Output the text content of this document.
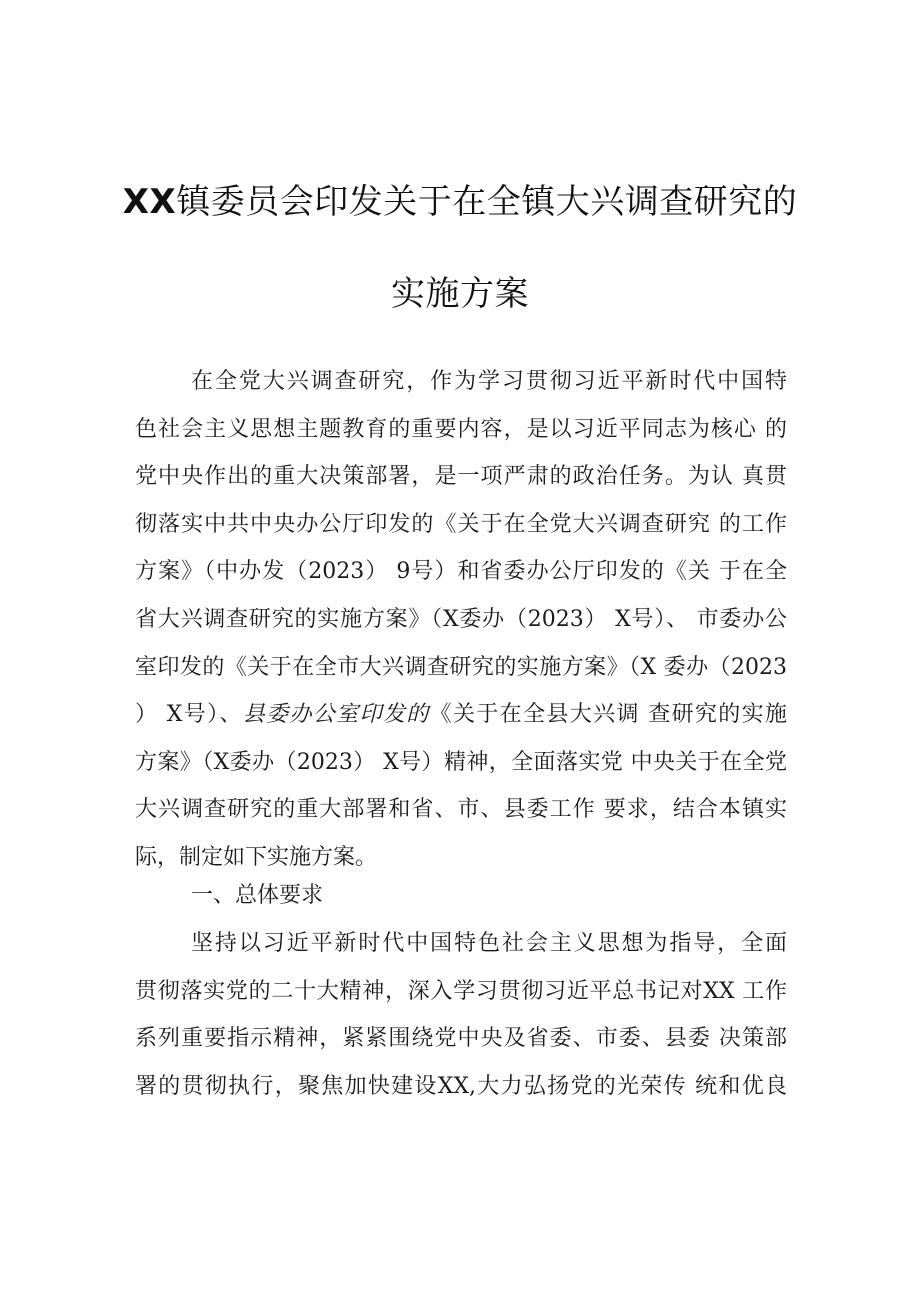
XX镇委员会印发关于在全镇大兴调查研究的
实施方案
在全党大兴调查研究，作为学习贯彻习近平新时代中国特
色社会主义思想主题教育的重要内容，是以习近平同志为核心 的
党中央作出的重大决策部署，是一项严肃的政治任务。为认 真贯
彻落实中共中央办公厅印发的《关于在全党大兴调查研究 的工作
方案》（中办发（2023） 9号）和省委办公厅印发的《关 于在全
省大兴调查研究的实施方案》（X委办（2023） X号）、 市委办公
室印发的《关于在全市大兴调查研究的实施方案》（X 委办（2023
） X号）、县委办公室印发的《关于在全县大兴调 查研究的实施
方案》（X委办（2023） X号）精神，全面落实党 中央关于在全党
大兴调查研究的重大部署和省、市、县委工作 要求，结合本镇实
际，制定如下实施方案。
一、总体要求
坚持以习近平新时代中国特色社会主义思想为指导，全面
贯彻落实党的二十大精神，深入学习贯彻习近平总书记对XX 工作
系列重要指示精神，紧紧围绕党中央及省委、市委、县委 决策部
署的贯彻执行，聚焦加快建设XX,大力弘扬党的光荣传 统和优良
